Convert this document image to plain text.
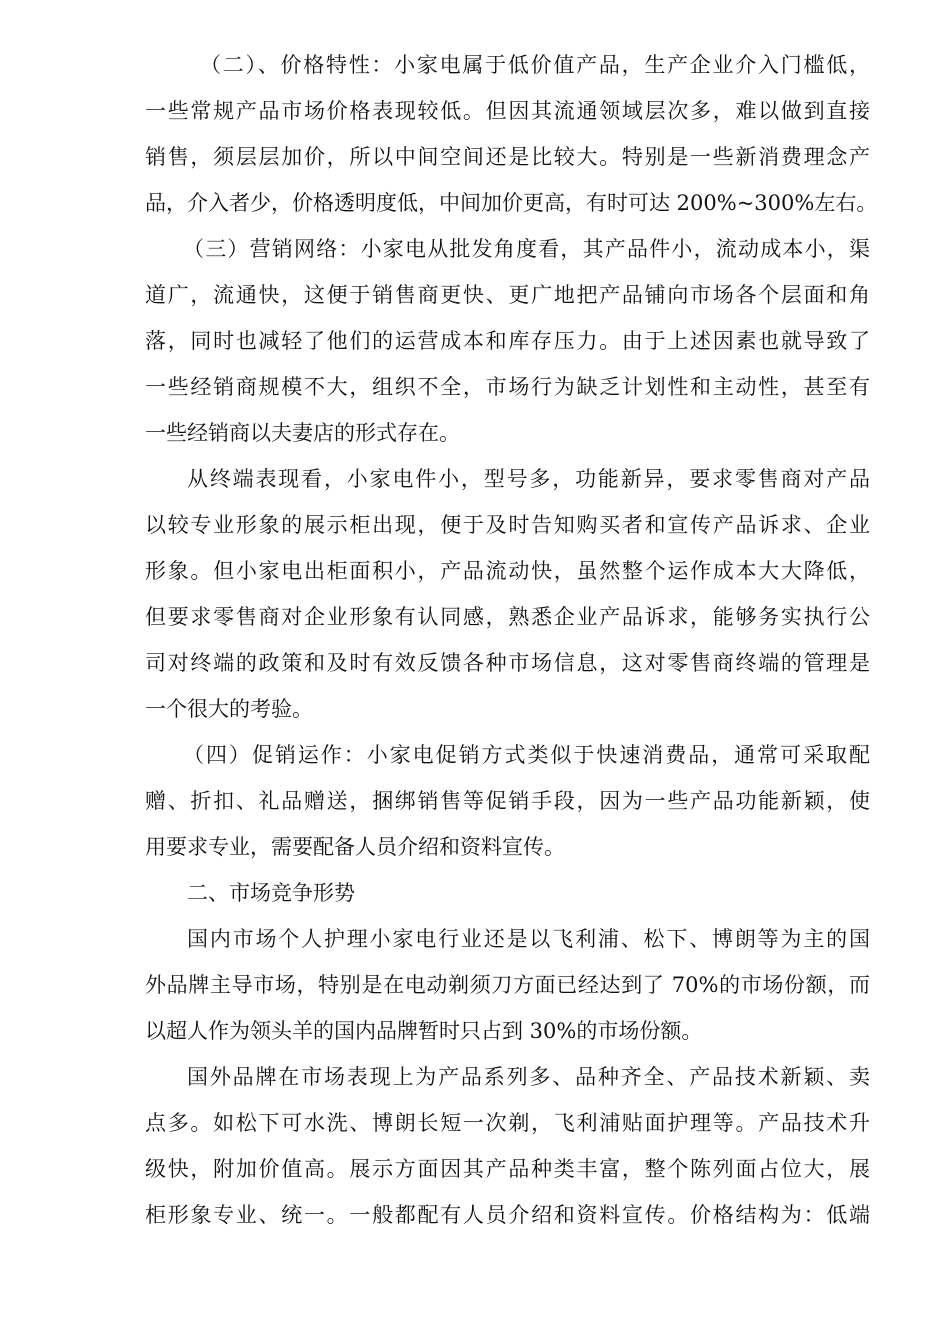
（二）、价格特性：小家电属于低价值产品，生产企业介入门槛低，
一些常规产品市场价格表现较低。但因其流通领域层次多，难以做到直接
销售，须层层加价，所以中间空间还是比较大。特别是一些新消费理念产
品，介入者少，价格透明度低，中间加价更高，有时可达 200%~300%左右。
（三）营销网络：小家电从批发角度看，其产品件小，流动成本小，渠
道广，流通快，这便于销售商更快、更广地把产品铺向市场各个层面和角
落，同时也减轻了他们的运营成本和库存压力。由于上述因素也就导致了
一些经销商规模不大，组织不全，市场行为缺乏计划性和主动性，甚至有
一些经销商以夫妻店的形式存在。
从终端表现看，小家电件小，型号多，功能新异，要求零售商对产品
以较专业形象的展示柜出现，便于及时告知购买者和宣传产品诉求、企业
形象。但小家电出柜面积小，产品流动快，虽然整个运作成本大大降低，
但要求零售商对企业形象有认同感，熟悉企业产品诉求，能够务实执行公
司对终端的政策和及时有效反馈各种市场信息，这对零售商终端的管理是
一个很大的考验。
（四）促销运作：小家电促销方式类似于快速消费品，通常可采取配
赠、折扣、礼品赠送，捆绑销售等促销手段，因为一些产品功能新颖，使
用要求专业，需要配备人员介绍和资料宣传。
二、市场竞争形势
国内市场个人护理小家电行业还是以飞利浦、松下、博朗等为主的国
外品牌主导市场，特别是在电动剃须刀方面已经达到了 70%的市场份额，而
以超人作为领头羊的国内品牌暂时只占到 30%的市场份额。
国外品牌在市场表现上为产品系列多、品种齐全、产品技术新颖、卖
点多。如松下可水洗、博朗长短一次剃，飞利浦贴面护理等。产品技术升
级快，附加价值高。展示方面因其产品种类丰富，整个陈列面占位大，展
柜形象专业、统一。一般都配有人员介绍和资料宣传。价格结构为：低端
